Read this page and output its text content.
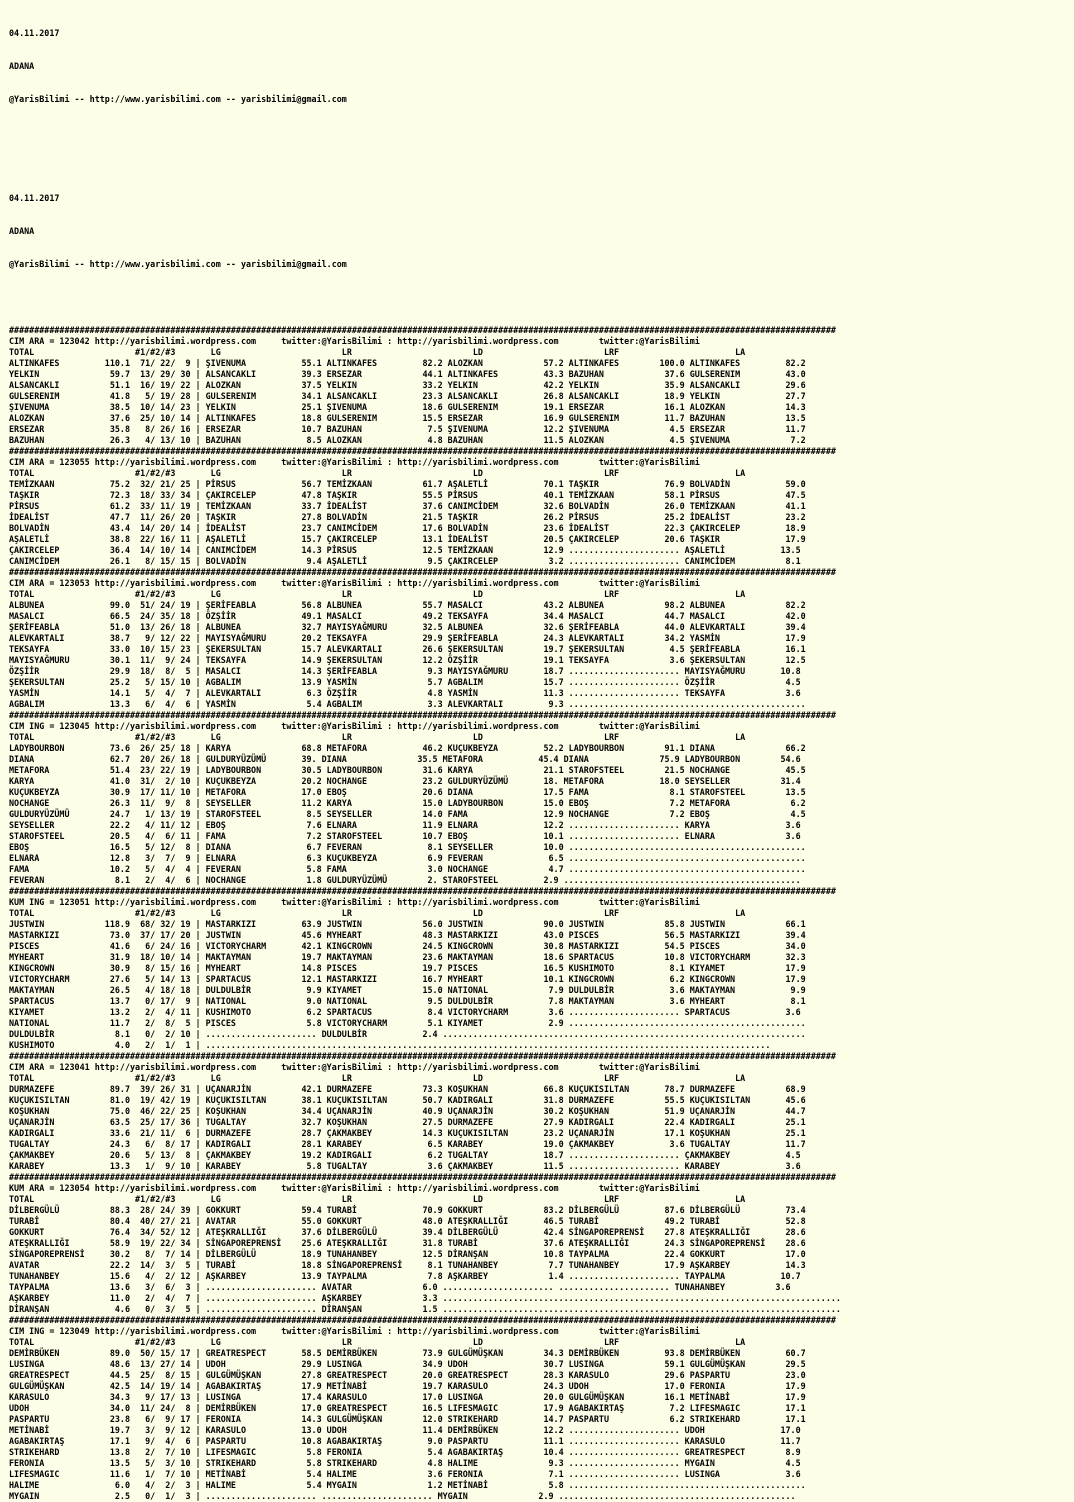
04.11.2017

ADANA

@YarisBilimi -- http://www.yarisbilimi.com -- yarisbilimi@gmail.com

04.11.2017

ADANA

@YarisBilimi -- http://www.yarisbilimi.com -- yarisbilimi@gmail.com

####################################################################################################################################################################
CIM ARA = 123042 http://yarisbilimi.wordpress.com     twitter:@YarisBilimi : http://yarisbilimi.wordpress.com        twitter:@YarisBilimi
TOTAL                    #1/#2/#3       LG                        LR                        LD                        LRF                       LA
ALTINKAFES         110.1  71/ 22/  9 | ŞIVENUMA           55.1 ALTINKAFES         82.2 ALOZKAN            57.2 ALTINKAFES        100.0 ALTINKAFES         82.2
YELKIN              59.7  13/ 29/ 30 | ALSANCAKLI         39.3 ERSEZAR            44.1 ALTINKAFES         43.3 BAZUHAN            37.6 GULSERENIM         43.0
ALSANCAKLI          51.1  16/ 19/ 22 | ALOZKAN            37.5 YELKIN             33.2 YELKIN             42.2 YELKIN             35.9 ALSANCAKLI         29.6
GULSERENIM          41.8   5/ 19/ 28 | GULSERENIM         34.1 ALSANCAKLI         23.3 ALSANCAKLI         26.8 ALSANCAKLI         18.9 YELKIN             27.7
ŞIVENUMA            38.5  10/ 14/ 23 | YELKIN             25.1 ŞIVENUMA           18.6 GULSERENIM         19.1 ERSEZAR            16.1 ALOZKAN            14.3
ALOZKAN             37.6  25/ 10/ 14 | ALTINKAFES         18.8 GULSERENIM         15.5 ERSEZAR            16.9 GULSERENIM         11.7 BAZUHAN            13.5
ERSEZAR             35.8   8/ 26/ 16 | ERSEZAR            10.7 BAZUHAN             7.5 ŞIVENUMA           12.2 ŞIVENUMA            4.5 ERSEZAR            11.7
BAZUHAN             26.3   4/ 13/ 10 | BAZUHAN             8.5 ALOZKAN             4.8 BAZUHAN            11.5 ALOZKAN             4.5 ŞIVENUMA            7.2
####################################################################################################################################################################
CIM ARA = 123055 http://yarisbilimi.wordpress.com     twitter:@YarisBilimi : http://yarisbilimi.wordpress.com        twitter:@YarisBilimi
TOTAL                    #1/#2/#3       LG                        LR                        LD                        LRF                       LA
TEMİZKAAN           75.2  32/ 21/ 25 | PİRSUS             56.7 TEMİZKAAN          61.7 AŞALETLİ           70.1 TAŞKIR             76.9 BOLVADİN           59.0
TAŞKIR              72.3  18/ 33/ 34 | ÇAKIRCELEP         47.8 TAŞKIR             55.5 PİRSUS             40.1 TEMİZKAAN          58.1 PİRSUS             47.5
PİRSUS              61.2  33/ 11/ 19 | TEMİZKAAN          33.7 İDEALİST           37.6 CANIMCİDEM         32.6 BOLVADİN           26.0 TEMİZKAAN          41.1
İDEALİST            47.7  11/ 26/ 20 | TAŞKIR             27.8 BOLVADİN           21.5 TAŞKIR             26.2 PİRSUS             25.2 İDEALİST           23.2
BOLVADİN            43.4  14/ 20/ 14 | İDEALİST           23.7 CANIMCİDEM         17.6 BOLVADİN           23.6 İDEALİST           22.3 ÇAKIRCELEP         18.9
AŞALETLİ            38.8  22/ 16/ 11 | AŞALETLİ           15.7 ÇAKIRCELEP         13.1 İDEALİST           20.5 ÇAKIRCELEP         20.6 TAŞKIR             17.9
ÇAKIRCELEP          36.4  14/ 10/ 14 | CANIMCİDEM         14.3 PİRSUS             12.5 TEMİZKAAN          12.9 ...................... AŞALETLİ           13.5
CANIMCİDEM          26.1   8/ 15/ 15 | BOLVADİN            9.4 AŞALETLİ            9.5 ÇAKIRCELEP          3.2 ...................... CANIMCİDEM          8.1
####################################################################################################################################################################
CIM ARA = 123053 http://yarisbilimi.wordpress.com     twitter:@YarisBilimi : http://yarisbilimi.wordpress.com        twitter:@YarisBilimi
TOTAL                    #1/#2/#3       LG                        LR                        LD                        LRF                       LA
ALBUNEA             99.0  51/ 24/ 19 | ŞERİFEABLA         56.8 ALBUNEA            55.7 MASALCI            43.2 ALBUNEA            98.2 ALBUNEA            82.2
MASALCI             66.5  24/ 35/ 18 | ÖZŞİİR             49.1 MASALCI            49.2 TEKSAYFA           34.4 MASALCI            44.7 MASALCI            42.0
ŞERİFEABLA          51.0  13/ 26/ 18 | ALBUNEA            32.7 MAYISYAĞMURU       32.5 ALBUNEA            32.6 ŞERİFEABLA         44.0 ALEVKARTALI        39.4
ALEVKARTALI         38.7   9/ 12/ 22 | MAYISYAĞMURU       20.2 TEKSAYFA           29.9 ŞERİFEABLA         24.3 ALEVKARTALI        34.2 YASMİN             17.9
TEKSAYFA            33.0  10/ 15/ 23 | ŞEKERSULTAN        15.7 ALEVKARTALI        26.6 ŞEKERSULTAN        19.7 ŞEKERSULTAN         4.5 ŞERİFEABLA         16.1
MAYISYAĞMURU        30.1  11/  9/ 24 | TEKSAYFA           14.9 ŞEKERSULTAN        12.2 ÖZŞİİR             19.1 TEKSAYFA            3.6 ŞEKERSULTAN        12.5
ÖZŞİİR              29.9  18/  8/  5 | MASALCI            14.3 ŞERİFEABLA          9.3 MAYISYAĞMURU       18.7 ...................... MAYISYAĞMURU       10.8
ŞEKERSULTAN         25.2   5/ 15/ 10 | AGBALIM            13.9 YASMİN              5.7 AGBALIM            15.7 ...................... ÖZŞİİR              4.5
YASMİN              14.1   5/  4/  7 | ALEVKARTALI         6.3 ÖZŞİİR              4.8 YASMİN             11.3 ...................... TEKSAYFA            3.6
AGBALIM             13.3   6/  4/  6 | YASMİN              5.4 AGBALIM             3.3 ALEVKARTALI         9.3 ...............................................
####################################################################################################################################################################
CIM ING = 123045 http://yarisbilimi.wordpress.com     twitter:@YarisBilimi : http://yarisbilimi.wordpress.com        twitter:@YarisBilimi
TOTAL                    #1/#2/#3       LG                        LR                        LD                        LRF                       LA
LADYBOURBON         73.6  26/ 25/ 18 | KARYA              68.8 METAFORA           46.2 KUÇUKBEYZA         52.2 LADYBOURBON        91.1 DIANA              66.2
DIANA               62.7  20/ 26/ 18 | GULDURYÜZÜMÜ       39. DIANA              35.5 METAFORA           45.4 DIANA              75.9 LADYBOURBON        54.6
METAFORA            51.4  23/ 22/ 19 | LADYBOURBON        30.5 LADYBOURBON        31.6 KARYA              21.1 STAROFSTEEL        21.5 NOCHANGE           45.5
KARYA               41.0  31/  2/ 10 | KUÇUKBEYZA         20.2 NOCHANGE           23.2 GULDURYÜZÜMÜ       18. METAFORA           18.0 SEYSELLER          31.4
KUÇUKBEYZA          30.9  17/ 11/ 10 | METAFORA           17.0 EBOŞ               20.6 DIANA              17.5 FAMA                8.1 STAROFSTEEL        13.5
NOCHANGE            26.3  11/  9/  8 | SEYSELLER          11.2 KARYA              15.0 LADYBOURBON        15.0 EBOŞ                7.2 METAFORA            6.2
GULDURYÜZÜMÜ        24.7   1/ 13/ 19 | STAROFSTEEL         8.5 SEYSELLER          14.0 FAMA               12.9 NOCHANGE            7.2 EBOŞ                4.5
SEYSELLER           22.2   4/ 11/ 12 | EBOŞ                7.6 ELNARA             11.9 ELNARA             12.2 ...................... KARYA               3.6
STAROFSTEEL         20.5   4/  6/ 11 | FAMA                7.2 STAROFSTEEL        10.7 EBOŞ               10.1 ...................... ELNARA              3.6
EBOŞ                16.5   5/ 12/  8 | DIANA               6.7 FEVERAN             8.1 SEYSELLER          10.0 ...............................................
ELNARA              12.8   3/  7/  9 | ELNARA              6.3 KUÇUKBEYZA          6.9 FEVERAN             6.5 ...............................................
FAMA                10.2   5/  4/  4 | FEVERAN             5.8 FAMA                3.0 NOCHANGE            4.7 ...............................................
FEVERAN              8.1   2/  4/  6 | NOCHANGE            1.8 GULDURYÜZÜMÜ        2. STAROFSTEEL         2.9 ...............................................
####################################################################################################################################################################
KUM ING = 123051 http://yarisbilimi.wordpress.com     twitter:@YarisBilimi : http://yarisbilimi.wordpress.com        twitter:@YarisBilimi
TOTAL                    #1/#2/#3       LG                        LR                        LD                        LRF                       LA
JUSTWIN            118.9  68/ 32/ 19 | MASTARKIZI         63.9 JUSTWIN            56.0 JUSTWIN            90.0 JUSTWIN            85.8 JUSTWIN            66.1
MASTARKIZI          73.0  37/ 17/ 20 | JUSTWIN            45.6 MYHEART            48.3 MASTARKIZI         43.0 PISCES             56.5 MASTARKIZI         39.4
PISCES              41.6   6/ 24/ 16 | VICTORYCHARM       42.1 KINGCROWN          24.5 KINGCROWN          30.8 MASTARKIZI         54.5 PISCES             34.0
MYHEART             31.9  18/ 10/ 14 | MAKTAYMAN          19.7 MAKTAYMAN          23.6 MAKTAYMAN          18.6 SPARTACUS          10.8 VICTORYCHARM       32.3
KINGCROWN           30.9   8/ 15/ 16 | MYHEART            14.8 PISCES             19.7 PISCES             16.5 KUSHIMOTO           8.1 KIYAMET            17.9
VICTORYCHARM        27.6   5/ 14/ 13 | SPARTACUS          12.1 MASTARKIZI         16.7 MYHEART            10.1 KINGCROWN           6.2 KINGCROWN          17.9
MAKTAYMAN           26.5   4/ 18/ 18 | DULDULBİR           9.9 KIYAMET            15.0 NATIONAL            7.9 DULDULBİR           3.6 MAKTAYMAN           9.9
SPARTACUS           13.7   0/ 17/  9 | NATIONAL            9.0 NATIONAL            9.5 DULDULBİR           7.8 MAKTAYMAN           3.6 MYHEART             8.1
KIYAMET             13.2   2/  4/ 11 | KUSHIMOTO           6.2 SPARTACUS           8.4 VICTORYCHARM        3.6 ...................... SPARTACUS           3.6
NATIONAL            11.7   2/  8/  5 | PISCES              5.8 VICTORYCHARM        5.1 KIYAMET             2.9 ...............................................
DULDULBİR            8.1   0/  2/ 10 | ...................... DULDULBİR           2.4 ........................................................................
KUSHIMOTO            4.0   2/  1/  1 | ................................................................................................................
####################################################################################################################################################################
CIM ARA = 123041 http://yarisbilimi.wordpress.com     twitter:@YarisBilimi : http://yarisbilimi.wordpress.com        twitter:@YarisBilimi
TOTAL                    #1/#2/#3       LG                        LR                        LD                        LRF                       LA
DURMAZEFE           89.7  39/ 26/ 31 | UÇANARJİN          42.1 DURMAZEFE          73.3 KOŞUKHAN           66.8 KUÇUKISILTAN       78.7 DURMAZEFE          68.9
KUÇUKISILTAN        81.0  19/ 42/ 19 | KUÇUKISILTAN       38.1 KUÇUKISILTAN       50.7 KADIRGALI          31.8 DURMAZEFE          55.5 KUÇUKISILTAN       45.6
KOŞUKHAN            75.0  46/ 22/ 25 | KOŞUKHAN           34.4 UÇANARJİN          40.9 UÇANARJİN          30.2 KOŞUKHAN           51.9 UÇANARJİN          44.7
UÇANARJİN           63.5  25/ 17/ 36 | TUGALTAY           32.7 KOŞUKHAN           27.5 DURMAZEFE          27.9 KADIRGALI          22.4 KADIRGALI          25.1
KADIRGALI           33.6  21/ 11/  6 | DURMAZEFE          28.7 ÇAKMAKBEY          14.3 KUÇUKISILTAN       23.2 UÇANARJİN          17.1 KOŞUKHAN           25.1
TUGALTAY            24.3   6/  8/ 17 | KADIRGALI          28.1 KARABEY             6.5 KARABEY            19.0 ÇAKMAKBEY           3.6 TUGALTAY           11.7
ÇAKMAKBEY           20.6   5/ 13/  8 | ÇAKMAKBEY          19.2 KADIRGALI           6.2 TUGALTAY           18.7 ...................... ÇAKMAKBEY           4.5
KARABEY             13.3   1/  9/ 10 | KARABEY             5.8 TUGALTAY            3.6 ÇAKMAKBEY          11.5 ...................... KARABEY             3.6
####################################################################################################################################################################
KUM ARA = 123054 http://yarisbilimi.wordpress.com     twitter:@YarisBilimi : http://yarisbilimi.wordpress.com        twitter:@YarisBilimi
TOTAL                    #1/#2/#3       LG                        LR                        LD                        LRF                       LA
DİLBERGÜLÜ          88.3  28/ 24/ 39 | GOKKURT            59.4 TURABİ             70.9 GOKKURT            83.2 DİLBERGÜLÜ         87.6 DİLBERGÜLÜ         73.4
TURABİ              80.4  40/ 27/ 21 | AVATAR             55.0 GOKKURT            48.0 ATEŞKRALLIĞI       46.5 TURABİ             49.2 TURABİ             52.8
GOKKURT             76.4  34/ 52/ 12 | ATEŞKRALLIĞI       37.6 DİLBERGÜLÜ         39.4 DİLBERGÜLÜ         42.4 SİNGAPOREPRENSİ    27.8 ATEŞKRALLIĞI       28.6
ATEŞKRALLIĞI        58.9  19/ 22/ 34 | SİNGAPOREPRENSİ    25.6 ATEŞKRALLIĞI       31.8 TURABİ             37.6 ATEŞKRALLIĞI       24.3 SİNGAPOREPRENSİ    28.6
SİNGAPOREPRENSİ     30.2   8/  7/ 14 | DİLBERGÜLÜ         18.9 TUNAHANBEY         12.5 DİRANŞAN           10.8 TAYPALMA           22.4 GOKKURT            17.0
AVATAR              22.2  14/  3/  5 | TURABİ             18.8 SİNGAPOREPRENSİ     8.1 TUNAHANBEY          7.7 TUNAHANBEY         17.9 AŞKARBEY           14.3
TUNAHANBEY          15.6   4/  2/ 12 | AŞKARBEY           13.9 TAYPALMA            7.8 AŞKARBEY            1.4 ...................... TAYPALMA           10.7
TAYPALMA            13.6   3/  6/  3 | ...................... AVATAR              6.0 ...................... ...................... TUNAHANBEY          3.6
AŞKARBEY            11.0   2/  4/  7 | ...................... AŞKARBEY            3.3 ...............................................................................
DİRANŞAN             4.6   0/  3/  5 | ...................... DİRANŞAN            1.5 ...............................................................................
####################################################################################################################################################################
CIM ING = 123049 http://yarisbilimi.wordpress.com     twitter:@YarisBilimi : http://yarisbilimi.wordpress.com        twitter:@YarisBilimi
TOTAL                    #1/#2/#3       LG                        LR                        LD                        LRF                       LA
DEMİRBÜKEN          89.0  50/ 15/ 17 | GREATRESPECT       58.5 DEMİRBÜKEN         73.9 GULGÜMÜŞKAN        34.3 DEMİRBÜKEN         93.8 DEMİRBÜKEN         60.7
LUSINGA             48.6  13/ 27/ 14 | UDOH               29.9 LUSINGA            34.9 UDOH               30.7 LUSINGA            59.1 GULGÜMÜŞKAN        29.5
GREATRESPECT        44.5  25/  8/ 15 | GULGÜMÜŞKAN        27.8 GREATRESPECT       20.0 GREATRESPECT       28.3 KARASULO           29.6 PASPARTU           23.0
GULGÜMÜŞKAN         42.5  14/ 19/ 14 | AGABAKIRTAŞ        17.9 METİNABİ           19.7 KARASULO           24.3 UDOH               17.0 FERONIA            17.9
KARASULO            34.3   9/ 17/ 13 | LUSINGA            17.4 KARASULO           17.0 LUSINGA            20.0 GULGÜMÜŞKAN        16.1 METİNABİ           17.9
UDOH                34.0  11/ 24/  8 | DEMİRBÜKEN         17.0 GREATRESPECT       16.5 LIFESMAGIC         17.9 AGABAKIRTAŞ         7.2 LIFESMAGIC         17.1
PASPARTU            23.8   6/  9/ 17 | FERONIA            14.3 GULGÜMÜŞKAN        12.0 STRIKEHARD         14.7 PASPARTU            6.2 STRIKEHARD         17.1
METİNABİ            19.7   3/  9/ 12 | KARASULO           13.0 UDOH               11.4 DEMİRBÜKEN         12.2 ...................... UDOH               17.0
AGABAKIRTAŞ         17.1   9/  4/  6 | PASPARTU           10.8 AGABAKIRTAŞ         9.0 PASPARTU           11.1 ...................... KARASULO           11.7
STRIKEHARD          13.8   2/  7/ 10 | LIFESMAGIC          5.8 FERONIA             5.4 AGABAKIRTAŞ        10.4 ...................... GREATRESPECT        8.9
FERONIA             13.5   5/  3/ 10 | STRIKEHARD          5.8 STRIKEHARD          4.8 HALIME              9.3 ...................... MYGAIN              4.5
LIFESMAGIC          11.6   1/  7/ 10 | METİNABİ            5.4 HALIME              3.6 FERONIA             7.1 ...................... LUSINGA             3.6
HALIME               6.0   4/  2/  3 | HALIME              5.4 MYGAIN              1.2 METİNABİ            5.8 ...............................................
MYGAIN               2.5   0/  1/  3 | ...................... ...................... MYGAIN              2.9 ...............................................
